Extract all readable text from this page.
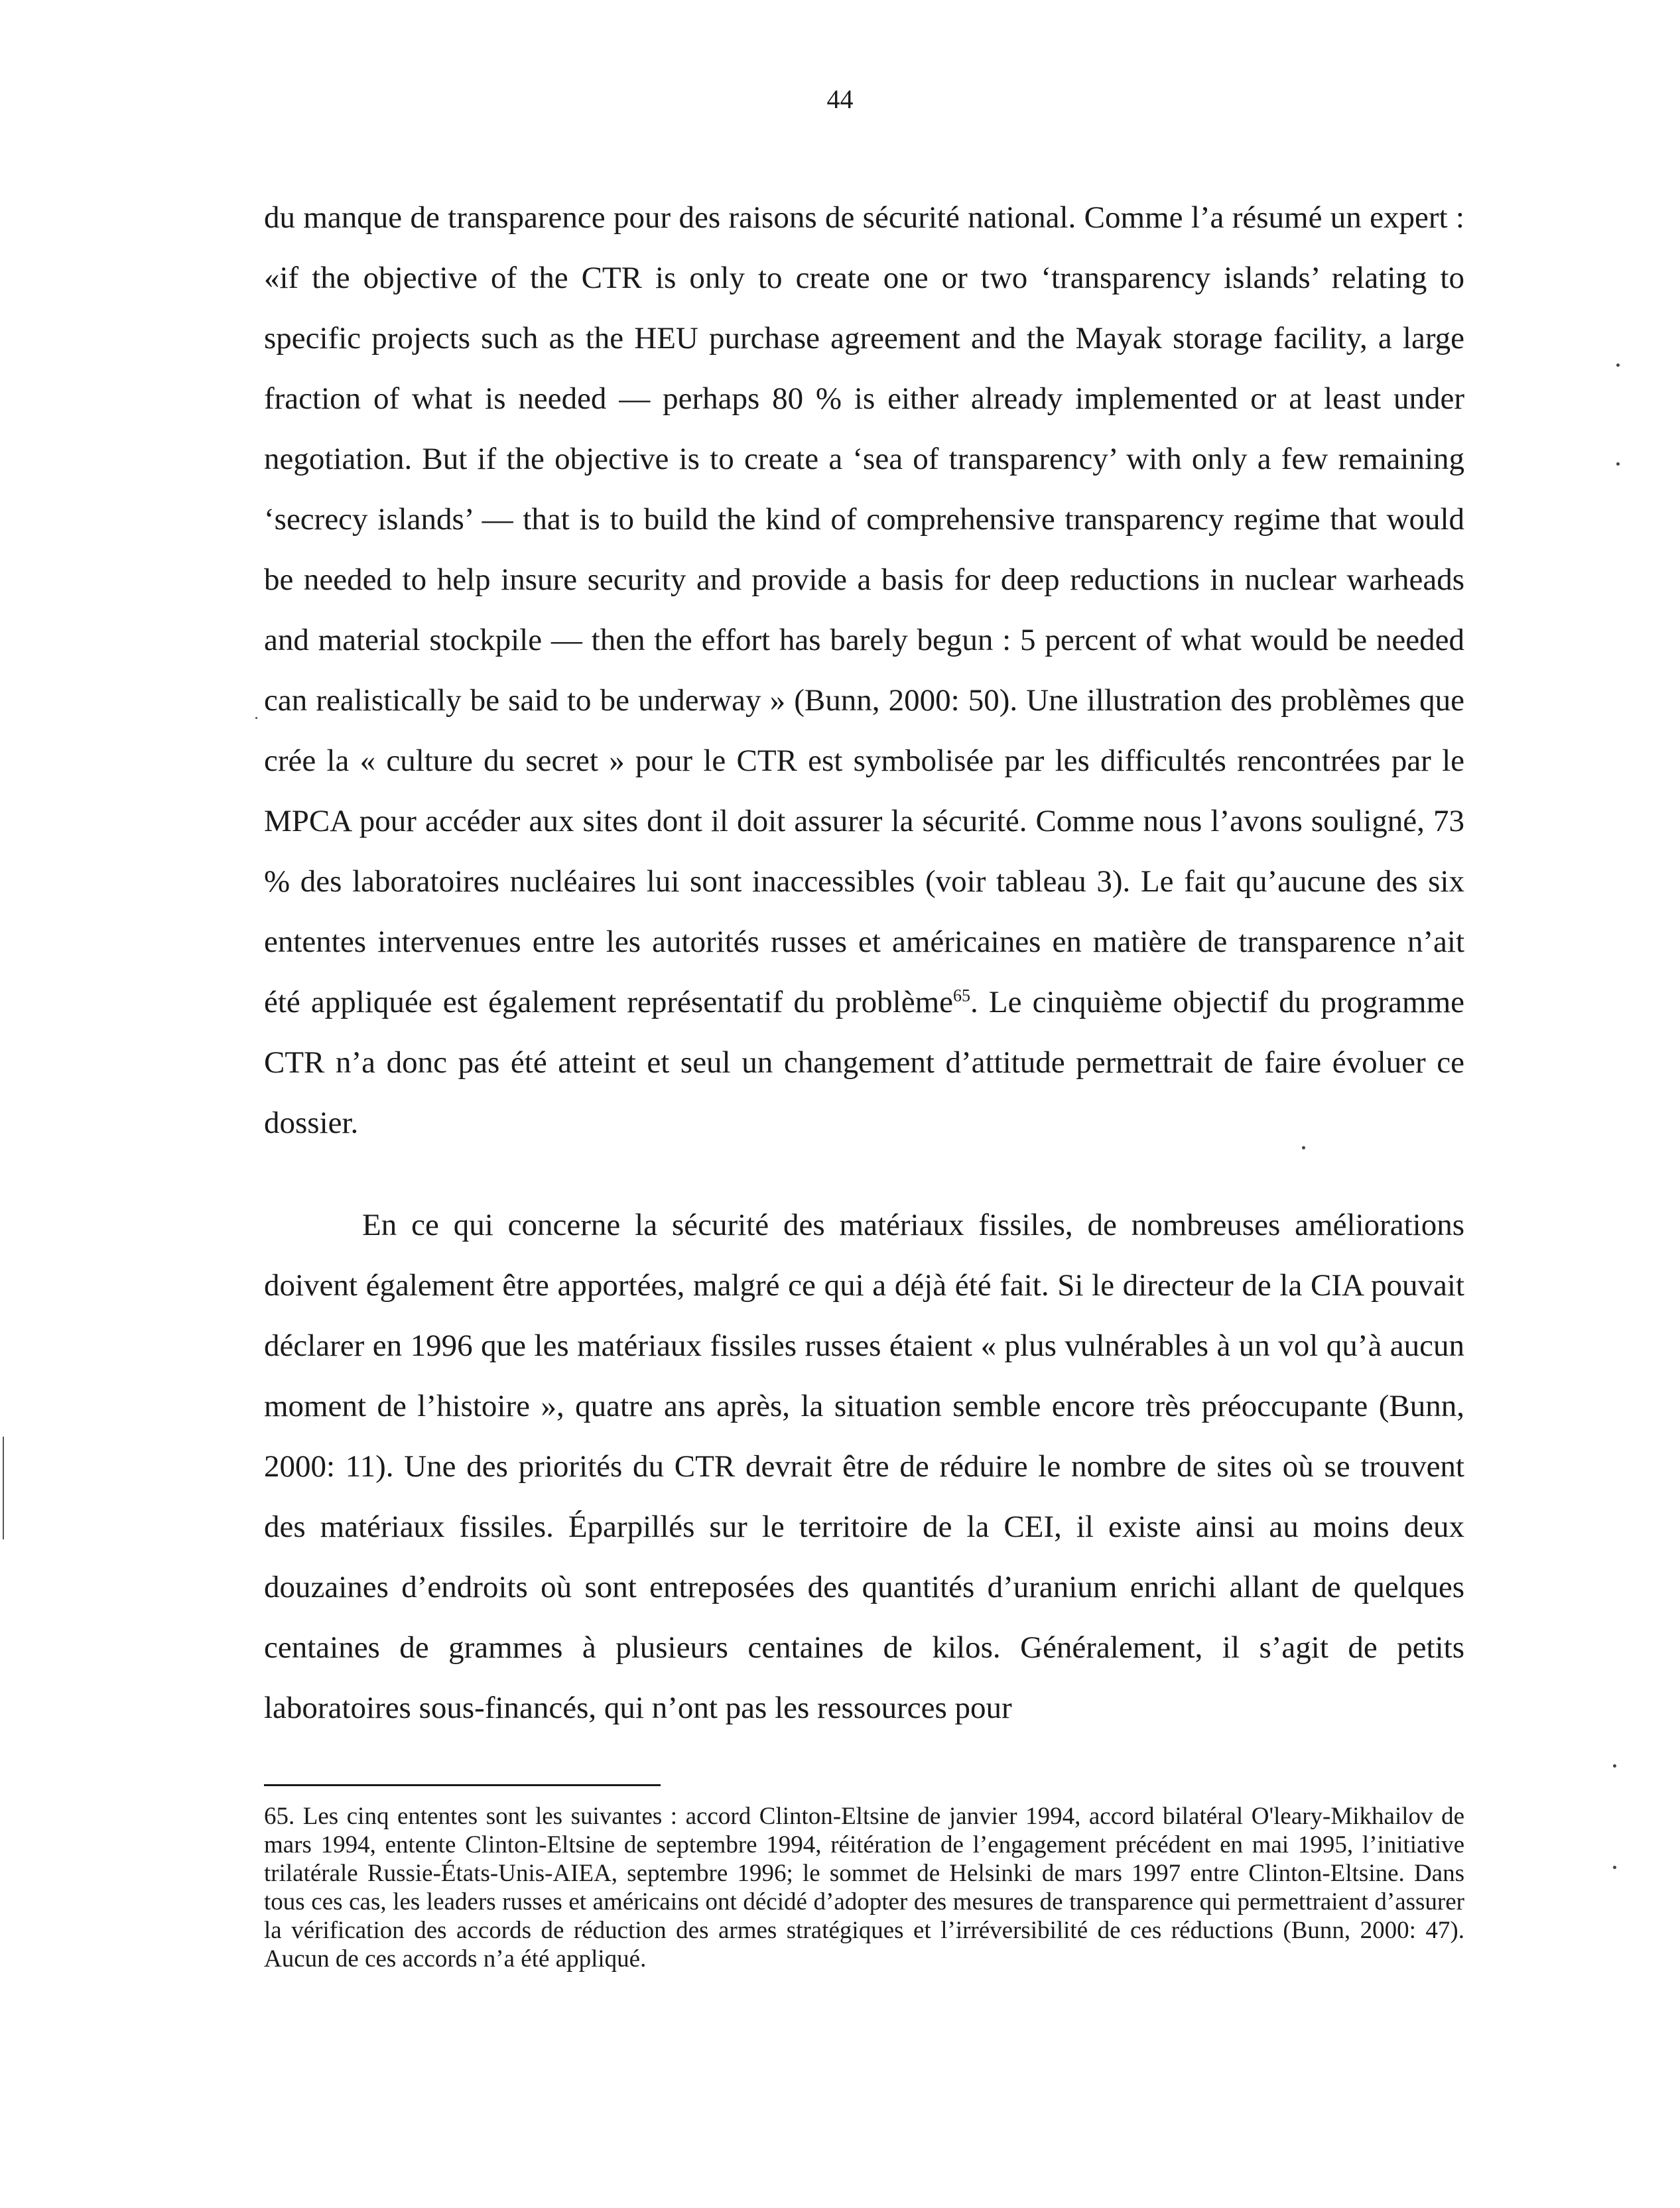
44

du manque de transparence pour des raisons de sécurité national. Comme l’a résumé un expert : «if the objective of the CTR is only to create one or two ‘transparency islands’ relating to specific projects such as the HEU purchase agreement and the Mayak storage facility, a large fraction of what is needed — perhaps 80 % is either already implemented or at least under negotiation. But if the objective is to create a ‘sea of transparency’ with only a few remaining ‘secrecy islands’ — that is to build the kind of comprehensive transparency regime that would be needed to help insure security and provide a basis for deep reductions in nuclear warheads and material stockpile — then the effort has barely begun : 5 percent of what would be needed can realistically be said to be underway » (Bunn, 2000: 50). Une illustration des problèmes que crée la « culture du secret » pour le CTR est symbolisée par les difficultés rencontrées par le MPCA pour accéder aux sites dont il doit assurer la sécurité. Comme nous l’avons souligné, 73 % des laboratoires nucléaires lui sont inaccessibles (voir tableau 3). Le fait qu’aucune des six ententes intervenues entre les autorités russes et américaines en matière de transparence n’ait été appliquée est également représentatif du problème$^{65}$. Le cinquième objectif du programme CTR n’a donc pas été atteint et seul un changement d’attitude permettrait de faire évoluer ce dossier.

En ce qui concerne la sécurité des matériaux fissiles, de nombreuses améliorations doivent également être apportées, malgré ce qui a déjà été fait. Si le directeur de la CIA pouvait déclarer en 1996 que les matériaux fissiles russes étaient « plus vulnérables à un vol qu’à aucun moment de l’histoire », quatre ans après, la situation semble encore très préoccupante (Bunn, 2000: 11). Une des priorités du CTR devrait être de réduire le nombre de sites où se trouvent des matériaux fissiles. Éparpillés sur le territoire de la CEI, il existe ainsi au moins deux douzaines d’endroits où sont entreposées des quantités d’uranium enrichi allant de quelques centaines de grammes à plusieurs centaines de kilos. Généralement, il s’agit de petits laboratoires sous-financés, qui n’ont pas les ressources pour

65. Les cinq ententes sont les suivantes : accord Clinton-Eltsine de janvier 1994, accord bilatéral O'leary-Mikhailov de mars 1994, entente Clinton-Eltsine de septembre 1994, réitération de l’engagement précédent en mai 1995, l’initiative trilatérale Russie-États-Unis-AIEA, septembre 1996; le sommet de Helsinki de mars 1997 entre Clinton-Eltsine. Dans tous ces cas, les leaders russes et américains ont décidé d’adopter des mesures de transparence qui permettraient d’assurer la vérification des accords de réduction des armes stratégiques et l’irréversibilité de ces réductions (Bunn, 2000: 47). Aucun de ces accords n’a été appliqué.
